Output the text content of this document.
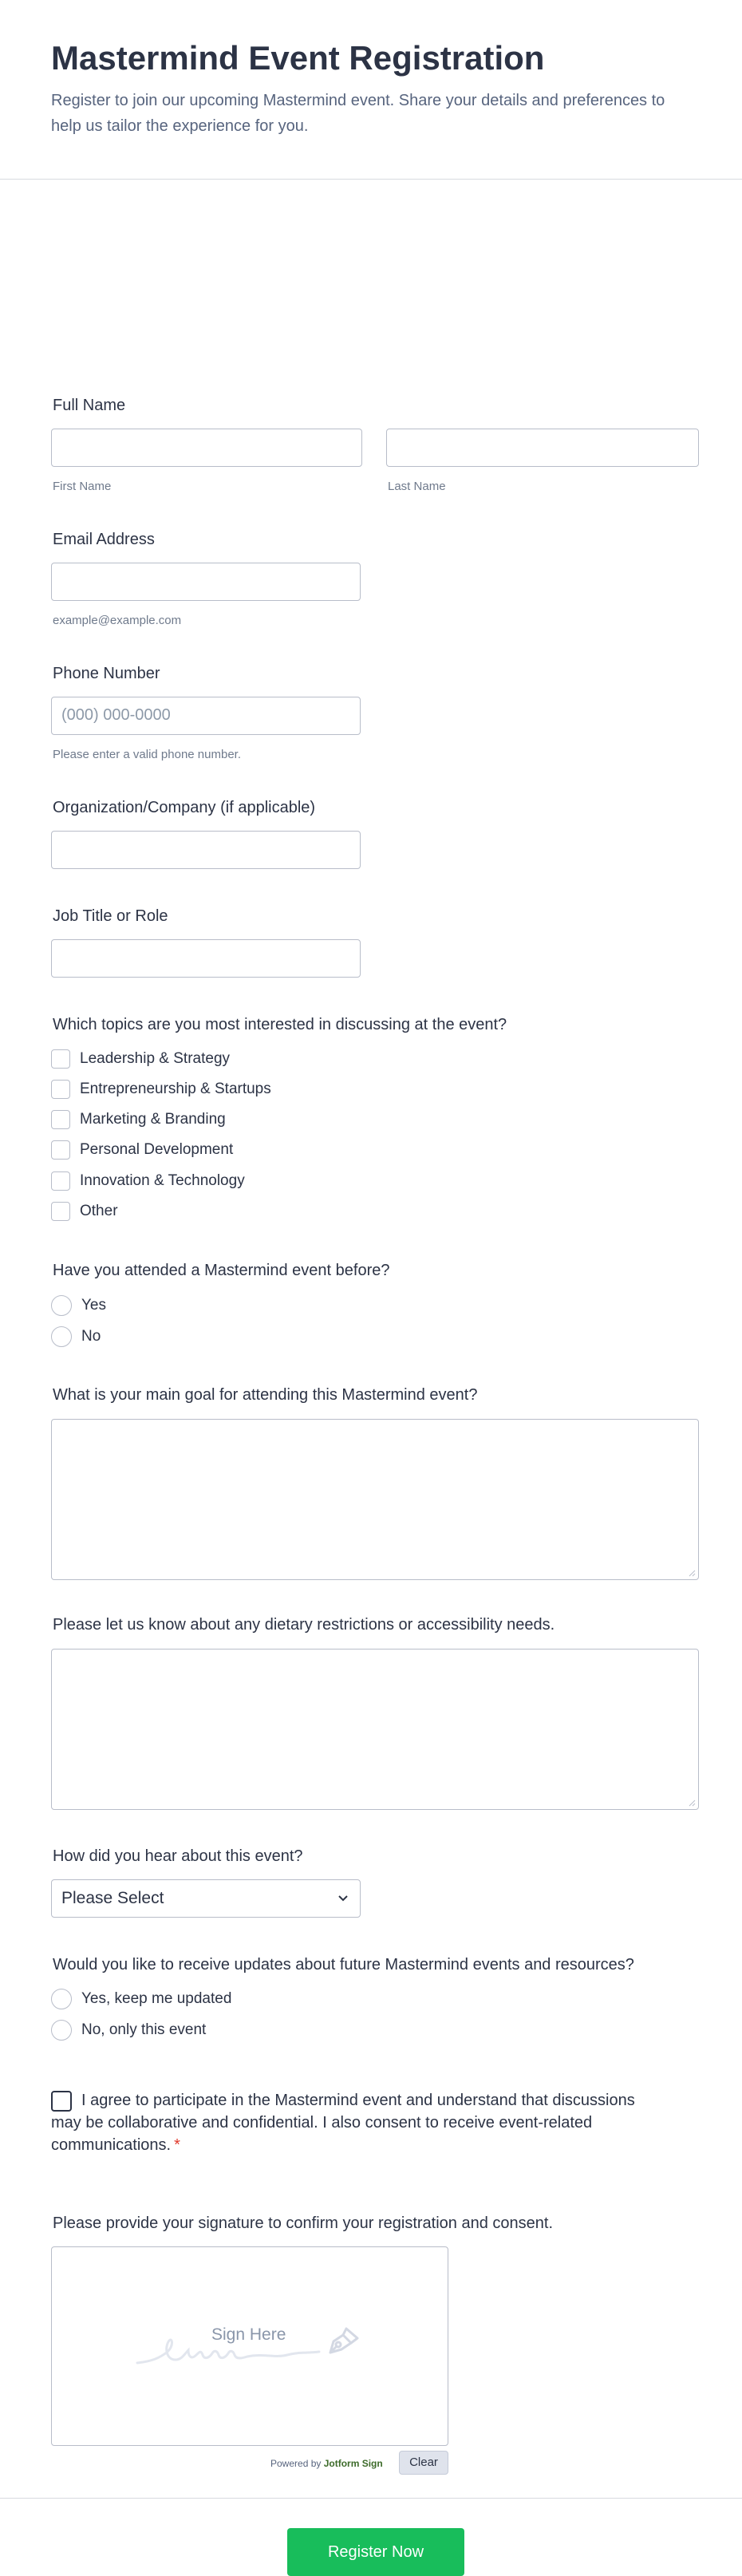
Mastermind Event Registration

Register to join our upcoming Mastermind event. Share your details and preferences to help us tailor the experience for you.

Full Name
First Name	Last Name
Email Address
example@example.com
Phone Number
(000) 000-0000
Please enter a valid phone number.
Organization/Company (if applicable)
Job Title or Role
Which topics are you most interested in discussing at the event?
Leadership & Strategy
Entrepreneurship & Startups
Marketing & Branding
Personal Development
Innovation & Technology
Other
Have you attended a Mastermind event before?
Yes
No
What is your main goal for attending this Mastermind event?
Please let us know about any dietary restrictions or accessibility needs.
How did you hear about this event?
Please Select
Would you like to receive updates about future Mastermind events and resources?
Yes, keep me updated
No, only this event
I agree to participate in the Mastermind event and understand that discussions may be collaborative and confidential. I also consent to receive event-related communications. *
Please provide your signature to confirm your registration and consent.
Sign Here
Powered by Jotform Sign	Clear
Register Now
